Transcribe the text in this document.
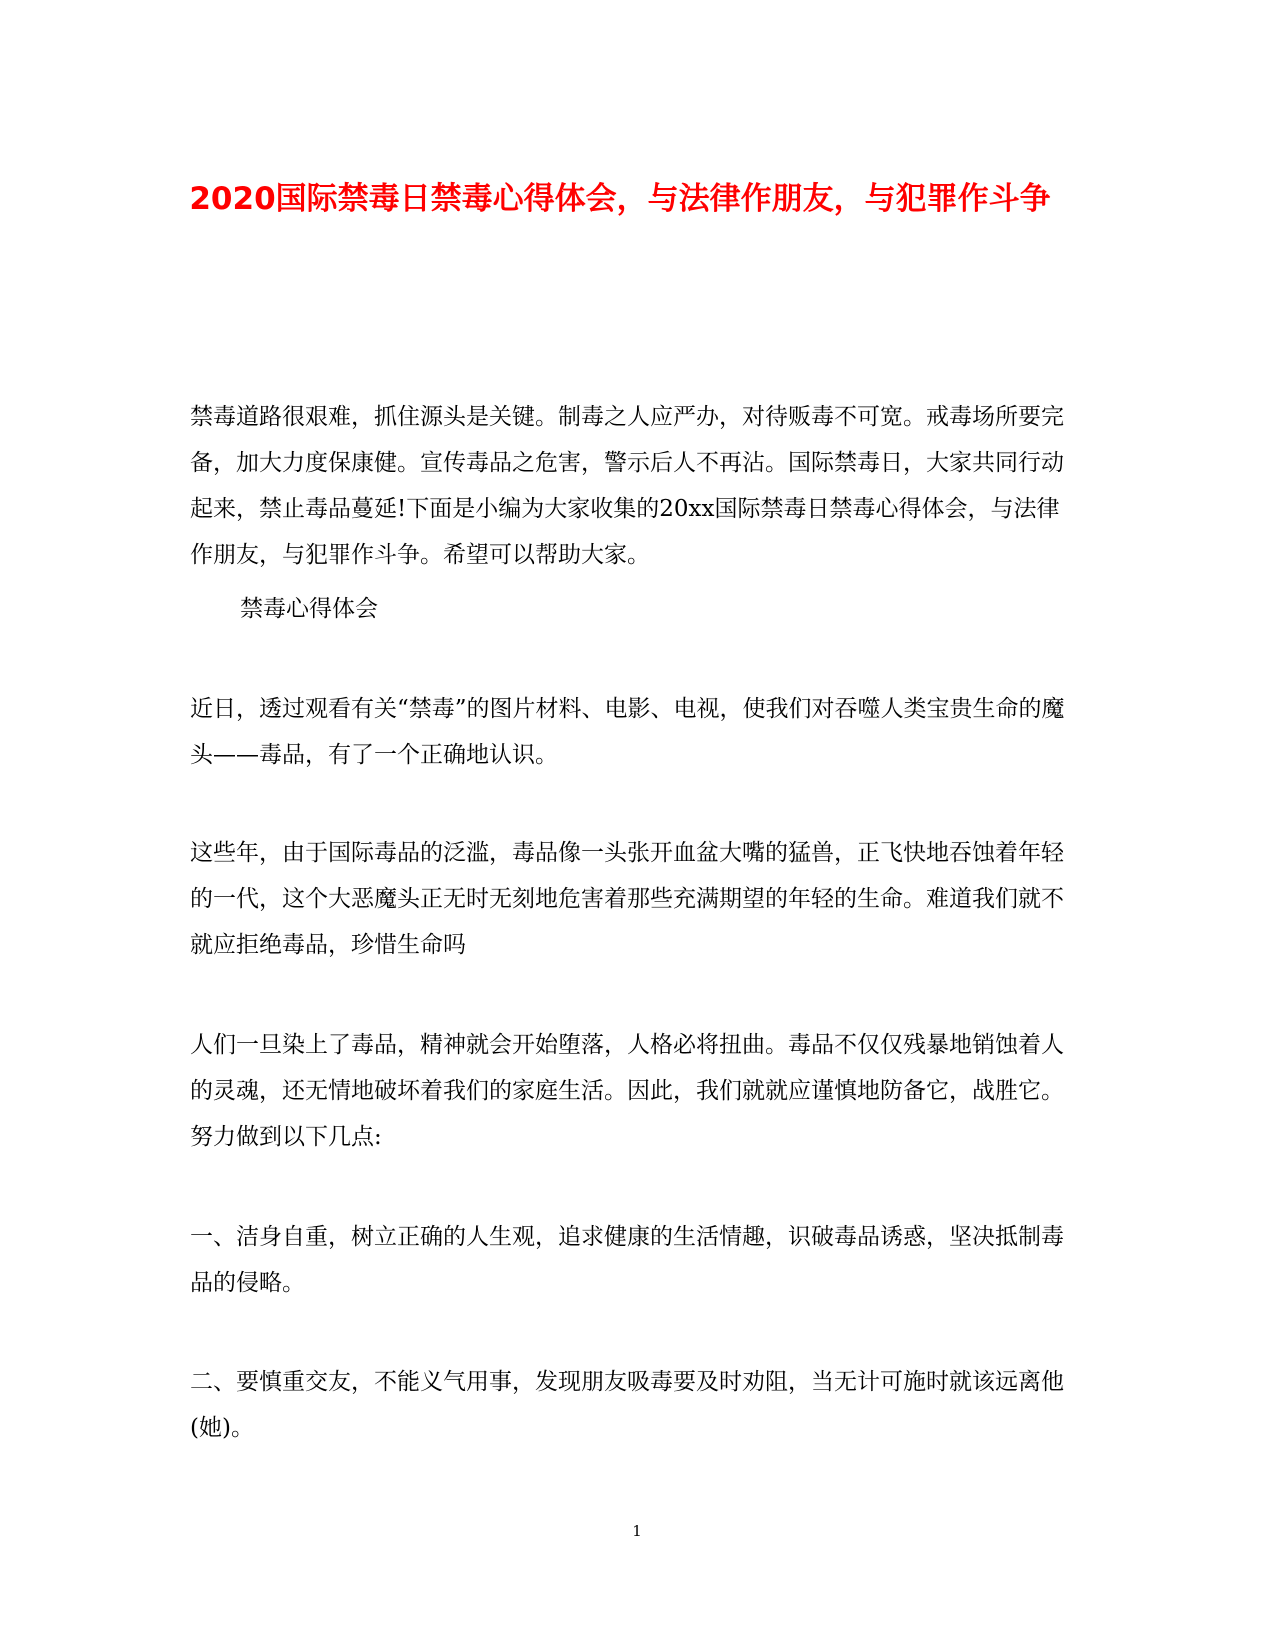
2020国际禁毒日禁毒心得体会，与法律作朋友，与犯罪作斗争

禁毒道路很艰难，抓住源头是关键。制毒之人应严办，对待贩毒不可宽。戒毒场所要完备，加大力度保康健。宣传毒品之危害，警示后人不再沾。国际禁毒日，大家共同行动起来，禁止毒品蔓延!下面是小编为大家收集的20xx国际禁毒日禁毒心得体会，与法律作朋友，与犯罪作斗争。希望可以帮助大家。

禁毒心得体会

近日，透过观看有关“禁毒”的图片材料、电影、电视，使我们对吞噬人类宝贵生命的魔头——毒品，有了一个正确地认识。

这些年，由于国际毒品的泛滥，毒品像一头张开血盆大嘴的猛兽，正飞快地吞蚀着年轻的一代，这个大恶魔头正无时无刻地危害着那些充满期望的年轻的生命。难道我们就不就应拒绝毒品，珍惜生命吗

人们一旦染上了毒品，精神就会开始堕落，人格必将扭曲。毒品不仅仅残暴地销蚀着人的灵魂，还无情地破坏着我们的家庭生活。因此，我们就就应谨慎地防备它，战胜它。努力做到以下几点:

一、洁身自重，树立正确的人生观，追求健康的生活情趣，识破毒品诱惑，坚决抵制毒品的侵略。

二、要慎重交友，不能义气用事，发现朋友吸毒要及时劝阻，当无计可施时就该远离他(她)。

1
